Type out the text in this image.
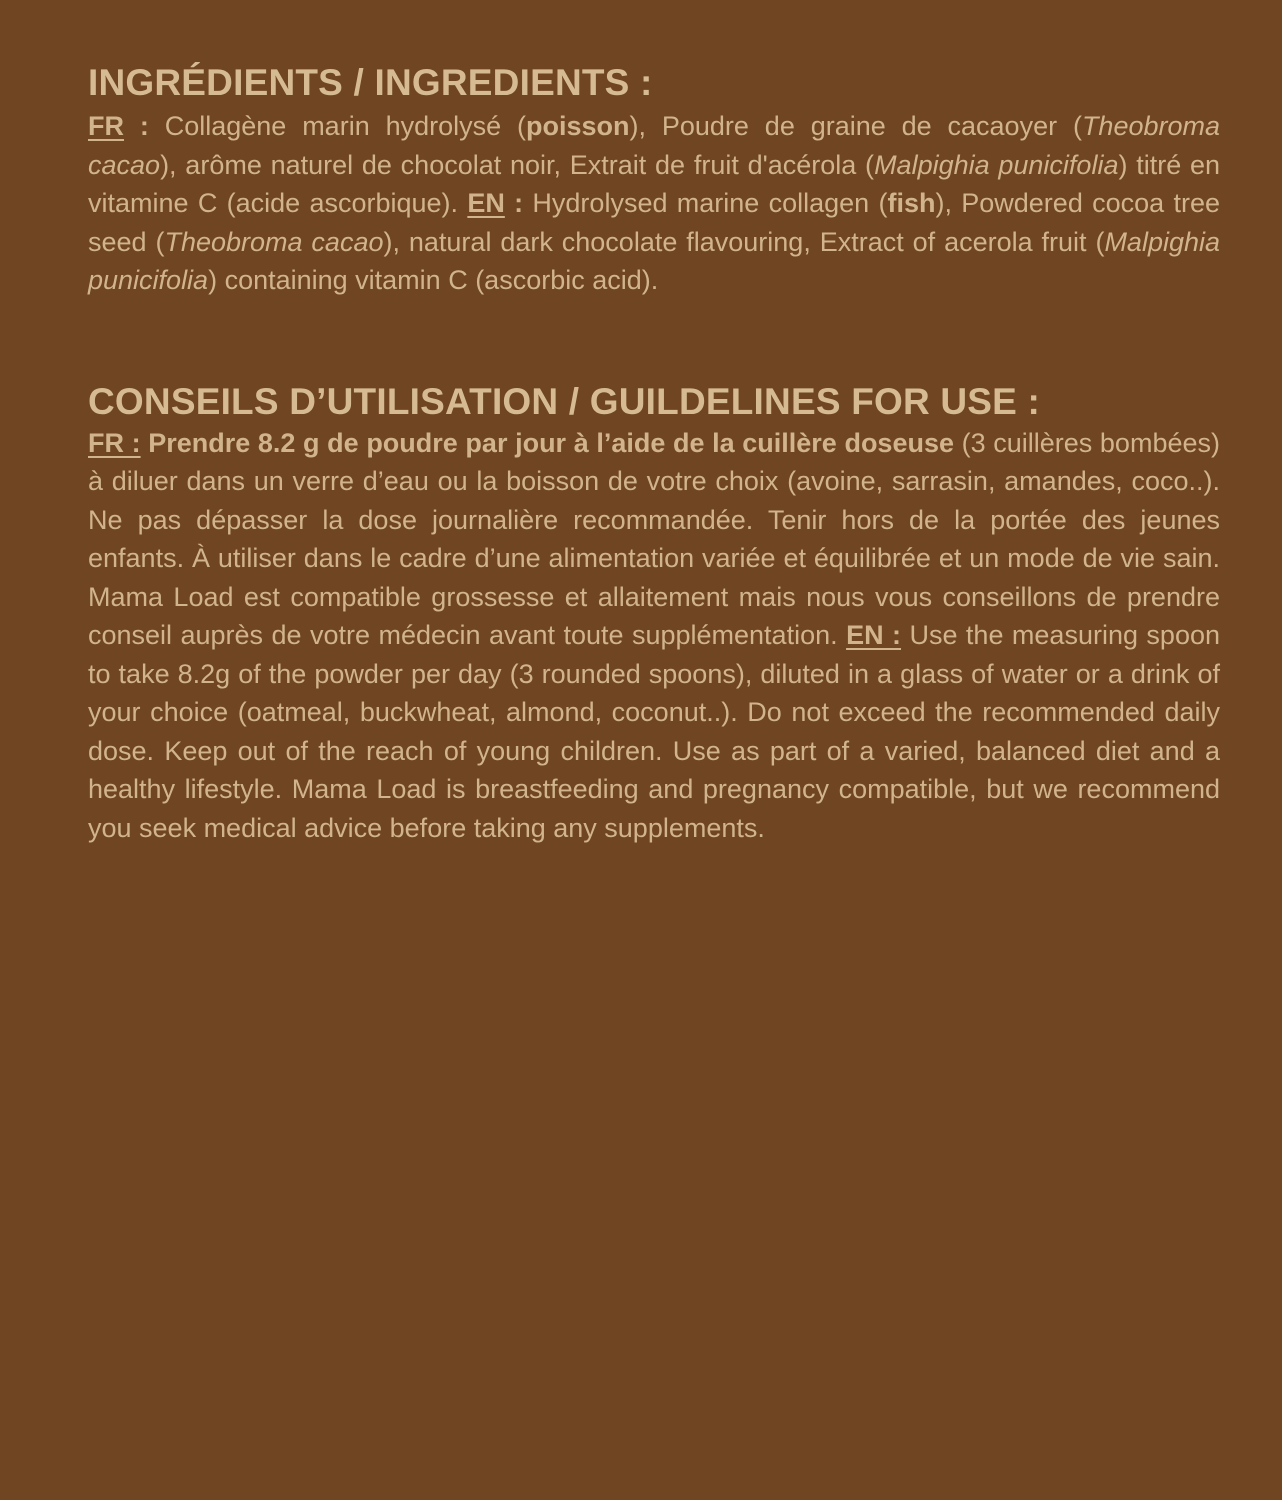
INGRÉDIENTS / INGREDIENTS :

FR : Collagène marin hydrolysé (poisson), Poudre de graine de cacaoyer (Theobroma cacao), arôme naturel de chocolat noir, Extrait de fruit d'acérola (Malpighia punicifolia) titré en vitamine C (acide ascorbique). EN : Hydrolysed marine collagen (fish), Powdered cocoa tree seed (Theobroma cacao), natural dark chocolate flavouring, Extract of acerola fruit (Malpighia punicifolia) containing vitamin C (ascorbic acid).

CONSEILS D’UTILISATION / GUILDELINES FOR USE :

FR : Prendre 8.2 g de poudre par jour à l’aide de la cuillère doseuse (3 cuillères bombées) à diluer dans un verre d’eau ou la boisson de votre choix (avoine, sarrasin, amandes, coco..). Ne pas dépasser la dose journalière recommandée. Tenir hors de la portée des jeunes enfants. À utiliser dans le cadre d’une alimentation variée et équilibrée et un mode de vie sain. Mama Load est compatible grossesse et allaitement mais nous vous conseillons de prendre conseil auprès de votre médecin avant toute supplémentation. EN : Use the measuring spoon to take 8.2g of the powder per day (3 rounded spoons), diluted in a glass of water or a drink of your choice (oatmeal, buckwheat, almond, coconut..). Do not exceed the recommended daily dose. Keep out of the reach of young children. Use as part of a varied, balanced diet and a healthy lifestyle. Mama Load is breastfeeding and pregnancy compatible, but we recommend you seek medical advice before taking any supplements.
